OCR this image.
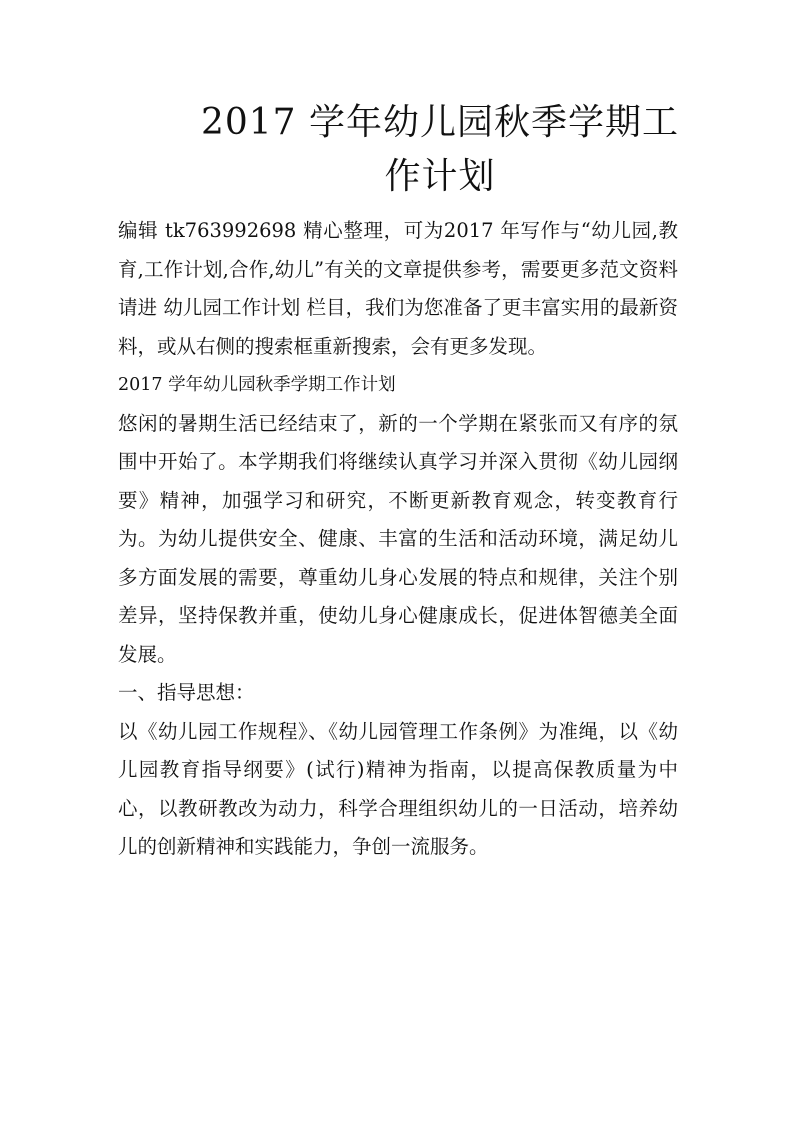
2017 学年幼儿园秋季学期工
作计划

编辑 tk763992698 精心整理，可为2017 年写作与“幼儿园,教育,工作计划,合作,幼儿”有关的文章提供参考，需要更多范文资料请进 幼儿园工作计划 栏目，我们为您准备了更丰富实用的最新资料，或从右侧的搜索框重新搜索，会有更多发现。

2017 学年幼儿园秋季学期工作计划

悠闲的暑期生活已经结束了，新的一个学期在紧张而又有序的氛围中开始了。本学期我们将继续认真学习并深入贯彻《幼儿园纲要》精神，加强学习和研究，不断更新教育观念，转变教育行为。为幼儿提供安全、健康、丰富的生活和活动环境，满足幼儿多方面发展的需要，尊重幼儿身心发展的特点和规律，关注个别差异，坚持保教并重，使幼儿身心健康成长，促进体智德美全面发展。

一、指导思想：

以《幼儿园工作规程》、《幼儿园管理工作条例》为准绳，以《幼儿园教育指导纲要》(试行)精神为指南，以提高保教质量为中心，以教研教改为动力，科学合理组织幼儿的一日活动，培养幼儿的创新精神和实践能力，争创一流服务。
